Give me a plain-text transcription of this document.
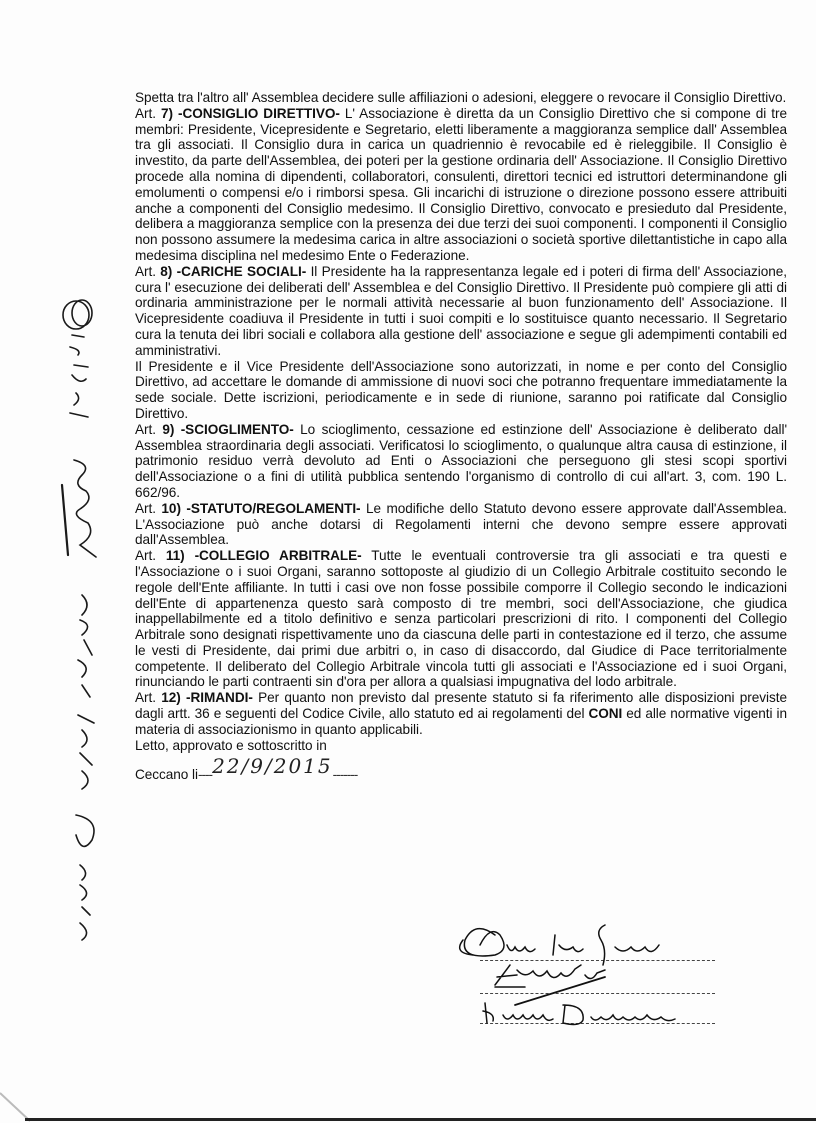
Spetta tra l'altro all' Assemblea decidere sulle affiliazioni o adesioni, eleggere o revocare il Consiglio Direttivo.

Art. 7) -CONSIGLIO DIRETTIVO- L' Associazione è diretta da un Consiglio Direttivo che si compone di tre membri: Presidente, Vicepresidente e Segretario, eletti liberamente a maggioranza semplice dall' Assemblea tra gli associati. Il Consiglio dura in carica un quadriennio è revocabile ed è rieleggibile. Il Consiglio è investito, da parte dell'Assemblea, dei poteri per la gestione ordinaria dell' Associazione. Il Consiglio Direttivo procede alla nomina di dipendenti, collaboratori, consulenti, direttori tecnici ed istruttori determinandone gli emolumenti o compensi e/o i rimborsi spesa. Gli incarichi di istruzione o direzione possono essere attribuiti anche a componenti del Consiglio medesimo. Il Consiglio Direttivo, convocato e presieduto dal Presidente, delibera a maggioranza semplice con la presenza dei due terzi dei suoi componenti. I componenti il Consiglio non possono assumere la medesima carica in altre associazioni o società sportive dilettantistiche in capo alla medesima disciplina nel medesimo Ente o Federazione.

Art. 8) -CARICHE SOCIALI- Il Presidente ha la rappresentanza legale ed i poteri di firma dell' Associazione, cura l' esecuzione dei deliberati dell' Assemblea e del Consiglio Direttivo. Il Presidente può compiere gli atti di ordinaria amministrazione per le normali attività necessarie al buon funzionamento dell' Associazione. Il Vicepresidente coadiuva il Presidente in tutti i suoi compiti e lo sostituisce quanto necessario. Il Segretario cura la tenuta dei libri sociali e collabora alla gestione dell' associazione e segue gli adempimenti contabili ed amministrativi.

Il Presidente e il Vice Presidente dell'Associazione sono autorizzati, in nome e per conto del Consiglio Direttivo, ad accettare le domande di ammissione di nuovi soci che potranno frequentare immediatamente la sede sociale. Dette iscrizioni, periodicamente e in sede di riunione, saranno poi ratificate dal Consiglio Direttivo.

Art. 9) -SCIOGLIMENTO- Lo scioglimento, cessazione ed estinzione dell' Associazione è deliberato dall' Assemblea straordinaria degli associati. Verificatosi lo scioglimento, o qualunque altra causa di estinzione, il patrimonio residuo verrà devoluto ad Enti o Associazioni che perseguono gli stesi scopi sportivi dell'Associazione o a fini di utilità pubblica sentendo l'organismo di controllo di cui all'art. 3, com. 190 L. 662/96.

Art. 10) -STATUTO/REGOLAMENTI- Le modifiche dello Statuto devono essere approvate dall'Assemblea. L'Associazione può anche dotarsi di Regolamenti interni che devono sempre essere approvati dall'Assemblea.

Art. 11) -COLLEGIO ARBITRALE- Tutte le eventuali controversie tra gli associati e tra questi e l'Associazione o i suoi Organi, saranno sottoposte al giudizio di un Collegio Arbitrale costituito secondo le regole dell'Ente affiliante. In tutti i casi ove non fosse possibile comporre il Collegio secondo le indicazioni dell'Ente di appartenenza questo sarà composto di tre membri, soci dell'Associazione, che giudica inappellabilmente ed a titolo definitivo e senza particolari prescrizioni di rito. I componenti del Collegio Arbitrale sono designati rispettivamente uno da ciascuna delle parti in contestazione ed il terzo, che assume le vesti di Presidente, dai primi due arbitri o, in caso di disaccordo, dal Giudice di Pace territorialmente competente. Il deliberato del Collegio Arbitrale vincola tutti gli associati e l'Associazione ed i suoi Organi, rinunciando le parti contraenti sin d'ora per allora a qualsiasi impugnativa del lodo arbitrale.

Art. 12) -RIMANDI- Per quanto non previsto dal presente statuto si fa riferimento alle disposizioni previste dagli artt. 36 e seguenti del Codice Civile, allo statuto ed ai regolamenti del CONI ed alle normative vigenti in materia di associazionismo in quanto applicabili.

Letto, approvato e sottoscritto in

Ceccano li----22/9/2015-------
